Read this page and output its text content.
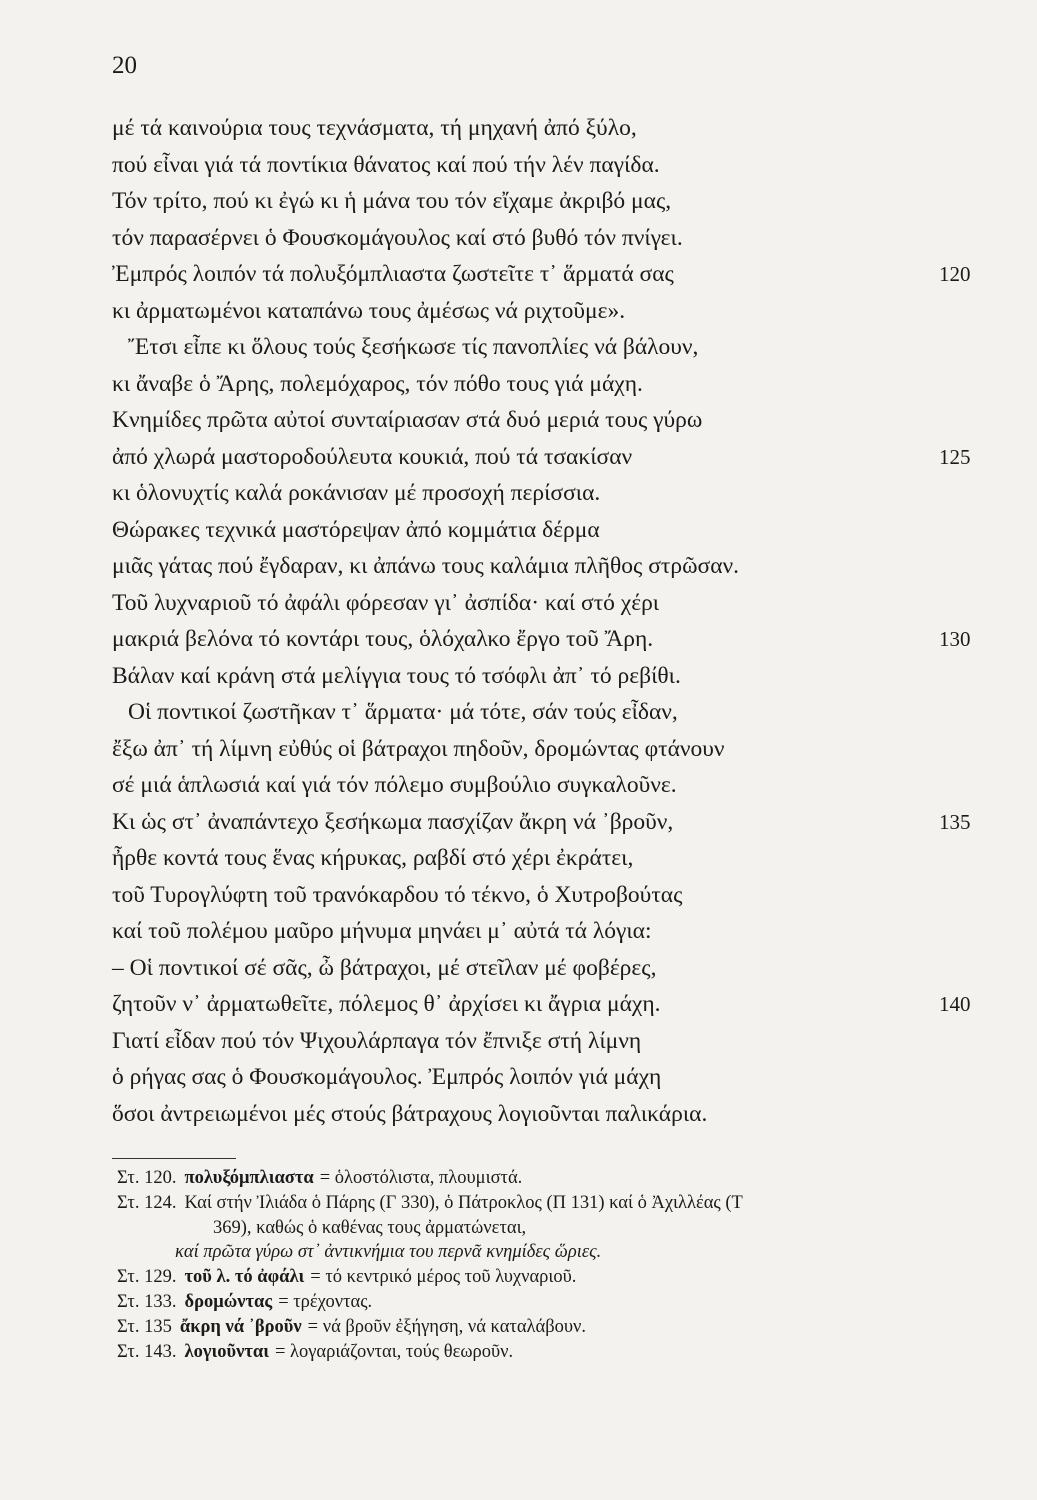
20
μέ τά καινούρια τους τεχνάσματα, τή μηχανή ἀπό ξύλο,
πού εἶναι γιά τά ποντίκια θάνατος καί πού τήν λέν παγίδα.
Τόν τρίτο, πού κι ἐγώ κι ἡ μάνα του τόν εἴχαμε ἀκριβό μας,
τόν παρασέρνει ὁ Φουσκομάγουλος καί στό βυθό τόν πνίγει.
Ἐμπρός λοιπόν τά πολυξόμπλιαστα ζωστεῖτε τ᾽ ἅρματά σας	120
κι ἀρματωμένοι καταπάνω τους ἀμέσως νά ριχτοῦμε».
Ἔτσι εἶπε κι ὅλους τούς ξεσήκωσε τίς πανοπλίες νά βάλουν,
κι ἄναβε ὁ Ἄρης, πολεμόχαρος, τόν πόθο τους γιά μάχη.
Κνημίδες πρῶτα αὐτοί συνταίριασαν στά δυό μεριά τους γύρω
ἀπό χλωρά μαστοροδούλευτα κουκιά, πού τά τσακίσαν	125
κι ὁλονυχτίς καλά ροκάνισαν μέ προσοχή περίσσια.
Θώρακες τεχνικά μαστόρεψαν ἀπό κομμάτια δέρμα
μιᾶς γάτας πού ἔγδαραν, κι ἀπάνω τους καλάμια πλῆθος στρῶσαν.
Τοῦ λυχναριοῦ τό ἀφάλι φόρεσαν γι᾽ ἀσπίδα· καί στό χέρι
μακριά βελόνα τό κοντάρι τους, ὁλόχαλκο ἔργο τοῦ Ἄρη.	130
Βάλαν καί κράνη στά μελίγγια τους τό τσόφλι ἀπ᾽ τό ρεβίθι.
Οἱ ποντικοί ζωστῆκαν τ᾽ ἅρματα· μά τότε, σάν τούς εἶδαν,
ἔξω ἀπ᾽ τή λίμνη εὐθύς οἱ βάτραχοι πηδοῦν, δρομώντας φτάνουν
σέ μιά ἁπλωσιά καί γιά τόν πόλεμο συμβούλιο συγκαλοῦνε.
Κι ὡς στ᾽ ἀναπάντεχο ξεσήκωμα πασχίζαν ἄκρη νά ᾽βροῦν,	135
ἦρθε κοντά τους ἕνας κήρυκας, ραβδί στό χέρι ἐκράτει,
τοῦ Τυρογλύφτη τοῦ τρανόκαρδου τό τέκνο, ὁ Χυτροβούτας
καί τοῦ πολέμου μαῦρο μήνυμα μηνάει μ᾽ αὐτά τά λόγια:
– Οἱ ποντικοί σέ σᾶς, ὦ βάτραχοι, μέ στεῖλαν μέ φοβέρες,
ζητοῦν ν᾽ ἀρματωθεῖτε, πόλεμος θ᾽ ἀρχίσει κι ἄγρια μάχη.	140
Γιατί εἶδαν πού τόν Ψιχουλάρπαγα τόν ἔπνιξε στή λίμνη
ὁ ρήγας σας ὁ Φουσκομάγουλος. Ἐμπρός λοιπόν γιά μάχη
ὅσοι ἀντρειωμένοι μές στούς βάτραχους λογιοῦνται παλικάρια.
Στ. 120. πολυξόμπλιαστα = ὁλοστόλιστα, πλουμιστά.
Στ. 124. Καί στήν Ἰλιάδα ὁ Πάρης (Γ 330), ὁ Πάτροκλος (Π 131) καί ὁ Ἀχιλλέας (Τ
369), καθώς ὁ καθένας τους ἀρματώνεται,
καί πρῶτα γύρω στ᾽ ἀντικνήμια του περνᾶ κνημίδες ὥριες.
Στ. 129. τοῦ λ. τό ἀφάλι = τό κεντρικό μέρος τοῦ λυχναριοῦ.
Στ. 133. δρομώντας = τρέχοντας.
Στ. 135 ἄκρη νά ᾽βροῦν = νά βροῦν ἐξήγηση, νά καταλάβουν.
Στ. 143. λογιοῦνται = λογαριάζονται, τούς θεωροῦν.
